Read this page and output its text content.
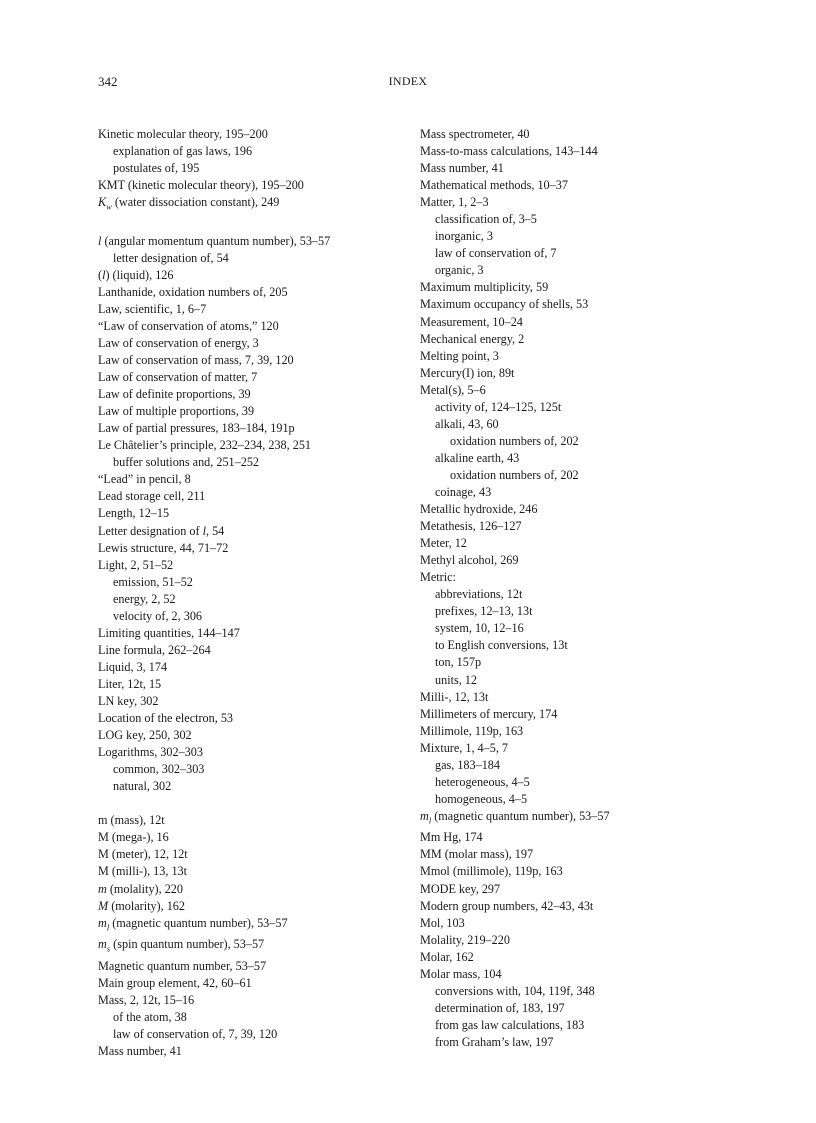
342	INDEX
Kinetic molecular theory, 195–200
explanation of gas laws, 196
postulates of, 195
KMT (kinetic molecular theory), 195–200
$K_w$ (water dissociation constant), 249
l (angular momentum quantum number), 53–57
letter designation of, 54
(l) (liquid), 126
Lanthanide, oxidation numbers of, 205
Law, scientific, 1, 6–7
“Law of conservation of atoms,” 120
Law of conservation of energy, 3
Law of conservation of mass, 7, 39, 120
Law of conservation of matter, 7
Law of definite proportions, 39
Law of multiple proportions, 39
Law of partial pressures, 183–184, 191p
Le Châtelier’s principle, 232–234, 238, 251
buffer solutions and, 251–252
“Lead” in pencil, 8
Lead storage cell, 211
Length, 12–15
Letter designation of l, 54
Lewis structure, 44, 71–72
Light, 2, 51–52
emission, 51–52
energy, 2, 52
velocity of, 2, 306
Limiting quantities, 144–147
Line formula, 262–264
Liquid, 3, 174
Liter, 12t, 15
LN key, 302
Location of the electron, 53
LOG key, 250, 302
Logarithms, 302–303
common, 302–303
natural, 302
m (mass), 12t
M (mega-), 16
M (meter), 12, 12t
M (milli-), 13, 13t
m (molality), 220
M (molarity), 162
$m_l$ (magnetic quantum number), 53–57
$m_s$ (spin quantum number), 53–57
Magnetic quantum number, 53–57
Main group element, 42, 60–61
Mass, 2, 12t, 15–16
of the atom, 38
law of conservation of, 7, 39, 120
Mass number, 41
Mass spectrometer, 40
Mass-to-mass calculations, 143–144
Mass number, 41
Mathematical methods, 10–37
Matter, 1, 2–3
classification of, 3–5
inorganic, 3
law of conservation of, 7
organic, 3
Maximum multiplicity, 59
Maximum occupancy of shells, 53
Measurement, 10–24
Mechanical energy, 2
Melting point, 3
Mercury(I) ion, 89t
Metal(s), 5–6
activity of, 124–125, 125t
alkali, 43, 60
oxidation numbers of, 202
alkaline earth, 43
oxidation numbers of, 202
coinage, 43
Metallic hydroxide, 246
Metathesis, 126–127
Meter, 12
Methyl alcohol, 269
Metric:
abbreviations, 12t
prefixes, 12–13, 13t
system, 10, 12–16
to English conversions, 13t
ton, 157p
units, 12
Milli-, 12, 13t
Millimeters of mercury, 174
Millimole, 119p, 163
Mixture, 1, 4–5, 7
gas, 183–184
heterogeneous, 4–5
homogeneous, 4–5
$m_l$ (magnetic quantum number), 53–57
Mm Hg, 174
MM (molar mass), 197
Mmol (millimole), 119p, 163
MODE key, 297
Modern group numbers, 42–43, 43t
Mol, 103
Molality, 219–220
Molar, 162
Molar mass, 104
conversions with, 104, 119f, 348
determination of, 183, 197
from gas law calculations, 183
from Graham’s law, 197
